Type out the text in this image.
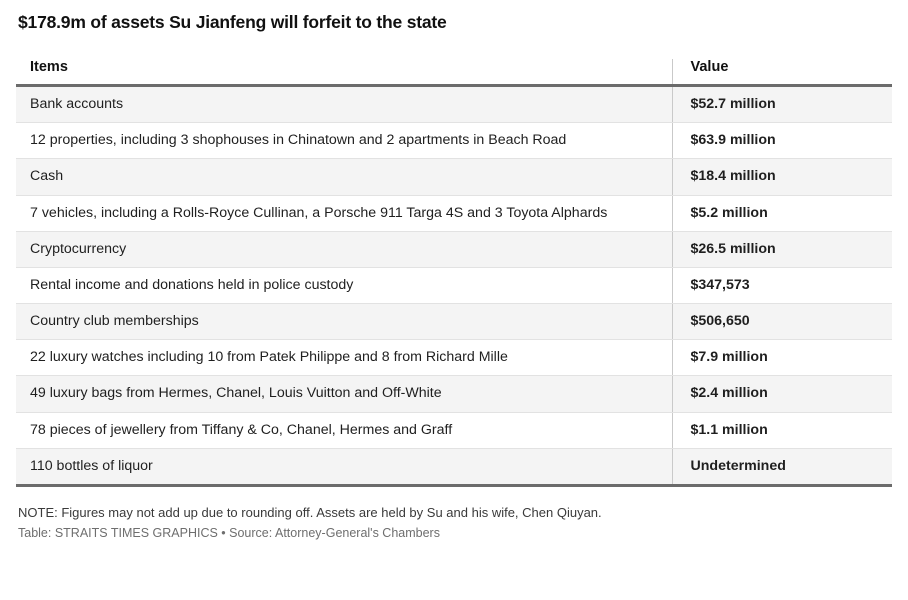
$178.9m of assets Su Jianfeng will forfeit to the state
Items	Value
Bank accounts	$52.7 million
12 properties, including 3 shophouses in Chinatown and 2 apartments in Beach Road	$63.9 million
Cash	$18.4 million
7 vehicles, including a Rolls-Royce Cullinan, a Porsche 911 Targa 4S and 3 Toyota Alphards	$5.2 million
Cryptocurrency	$26.5 million
Rental income and donations held in police custody	$347,573
Country club memberships	$506,650
22 luxury watches including 10 from Patek Philippe and 8 from Richard Mille	$7.9 million
49 luxury bags from Hermes, Chanel, Louis Vuitton and Off-White	$2.4 million
78 pieces of jewellery from Tiffany & Co, Chanel, Hermes and Graff	$1.1 million
110 bottles of liquor	Undetermined
NOTE: Figures may not add up due to rounding off. Assets are held by Su and his wife, Chen Qiuyan.
Table: STRAITS TIMES GRAPHICS • Source: Attorney-General's Chambers
